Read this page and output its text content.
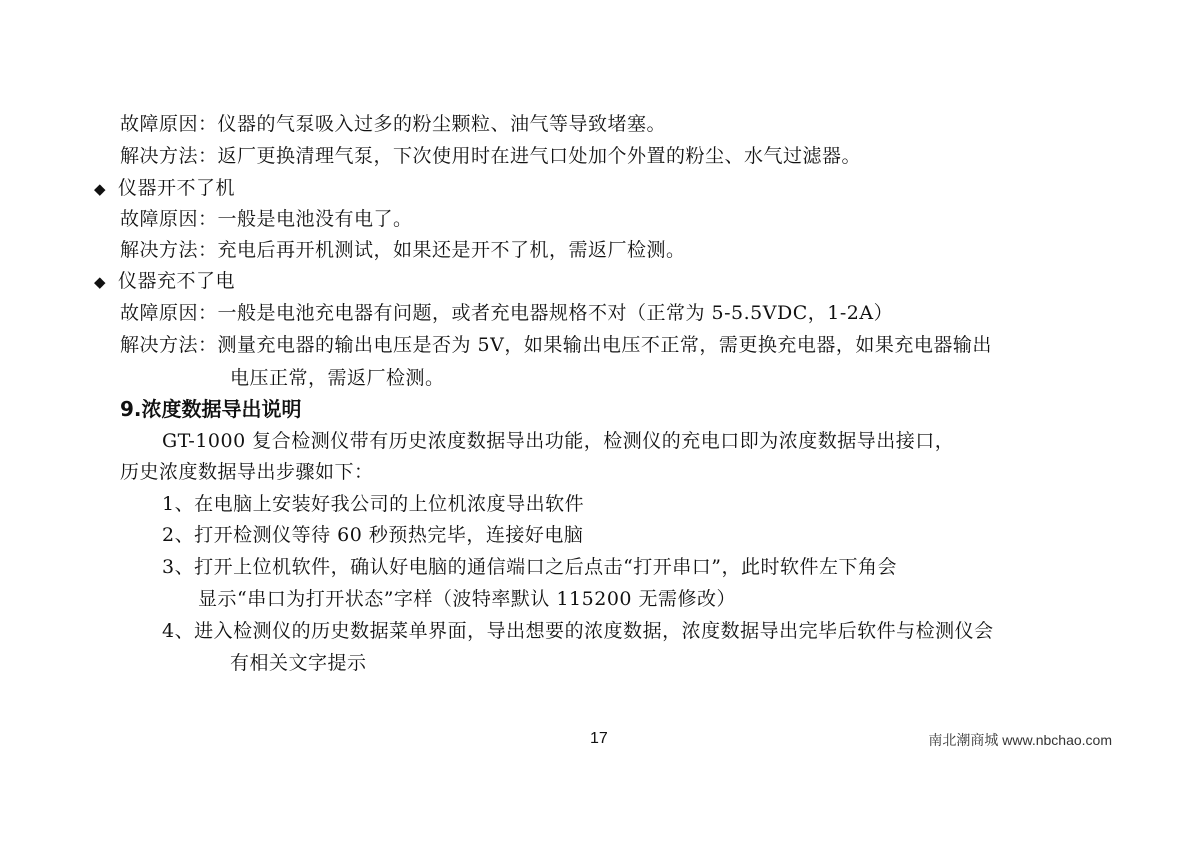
故障原因：仪器的气泵吸入过多的粉尘颗粒、油气等导致堵塞。
解决方法：返厂更换清理气泵，下次使用时在进气口处加个外置的粉尘、水气过滤器。
◆ 仪器开不了机
故障原因：一般是电池没有电了。
解决方法：充电后再开机测试，如果还是开不了机，需返厂检测。
◆ 仪器充不了电
故障原因：一般是电池充电器有问题，或者充电器规格不对（正常为 5-5.5VDC，1-2A）
解决方法：测量充电器的输出电压是否为 5V，如果输出电压不正常，需更换充电器，如果充电器输出
电压正常，需返厂检测。
9.浓度数据导出说明
GT-1000 复合检测仪带有历史浓度数据导出功能，检测仪的充电口即为浓度数据导出接口，
历史浓度数据导出步骤如下：
1、在电脑上安装好我公司的上位机浓度导出软件
2、打开检测仪等待 60 秒预热完毕，连接好电脑
3、打开上位机软件，确认好电脑的通信端口之后点击“打开串口”，此时软件左下角会
显示“串口为打开状态”字样（波特率默认 115200 无需修改）
4、进入检测仪的历史数据菜单界面，导出想要的浓度数据，浓度数据导出完毕后软件与检测仪会
有相关文字提示
17	南北潮商城 www.nbchao.com
